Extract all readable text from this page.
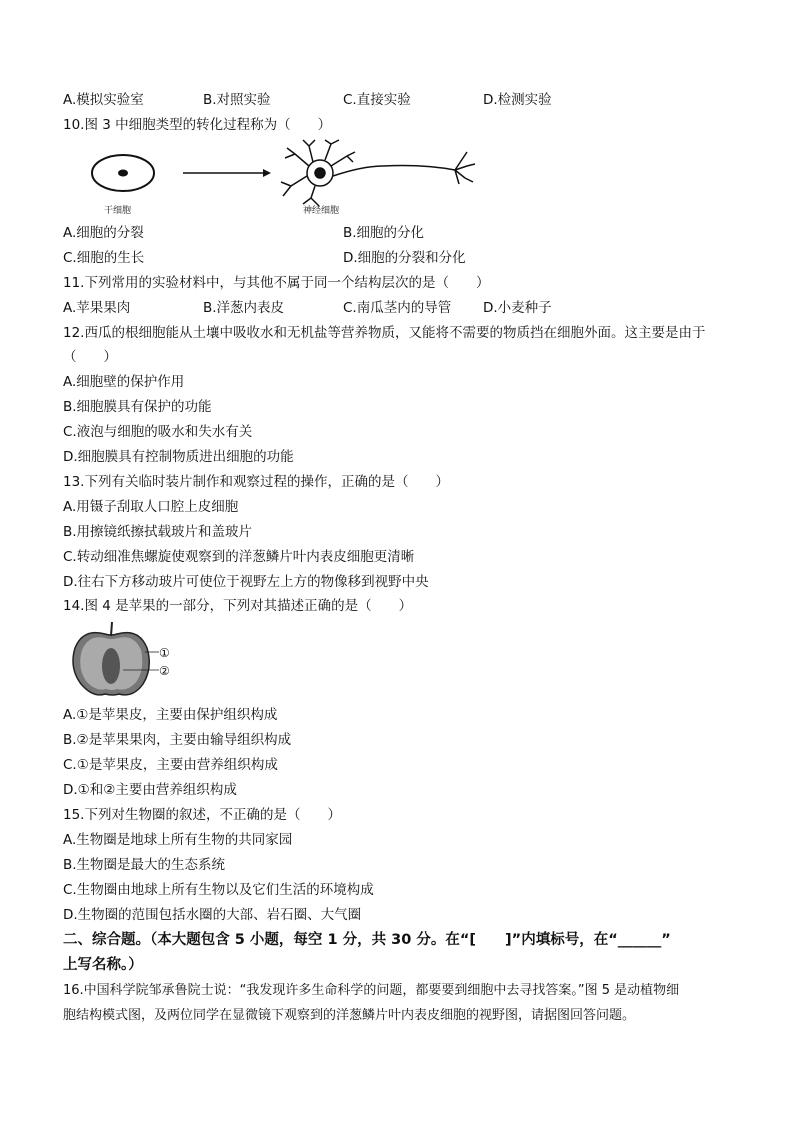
A.模拟实验室	B.对照实验	C.直接实验	D.检测实验
10.图 3 中细胞类型的转化过程称为（　　）
干细胞	神经细胞
A.细胞的分裂	B.细胞的分化
C.细胞的生长	D.细胞的分裂和分化
11.下列常用的实验材料中，与其他不属于同一个结构层次的是（　　）
A.苹果果肉	B.洋葱内表皮	C.南瓜茎内的导管 D.小麦种子
12.西瓜的根细胞能从土壤中吸收水和无机盐等营养物质，又能将不需要的物质挡在细胞外面。这主要是由于
（　　）
A.细胞壁的保护作用
B.细胞膜具有保护的功能
C.液泡与细胞的吸水和失水有关
D.细胞膜具有控制物质进出细胞的功能
13.下列有关临时装片制作和观察过程的操作，正确的是（　　）
A.用镊子刮取人口腔上皮细胞
B.用擦镜纸擦拭载玻片和盖玻片
C.转动细准焦螺旋使观察到的洋葱鳞片叶内表皮细胞更清晰
D.往右下方移动玻片可使位于视野左上方的物像移到视野中央
14.图 4 是苹果的一部分，下列对其描述正确的是（　　）
①
②
A.①是苹果皮，主要由保护组织构成
B.②是苹果果肉，主要由输导组织构成
C.①是苹果皮，主要由营养组织构成
D.①和②主要由营养组织构成
15.下列对生物圈的叙述，不正确的是（　　）
A.生物圈是地球上所有生物的共同家园
B.生物圈是最大的生态系统
C.生物圈由地球上所有生物以及它们生活的环境构成
D.生物圈的范围包括水圈的大部、岩石圈、大气圈
二、综合题。（本大题包含 5 小题，每空 1 分，共 30 分。在“[　　]”内填标号，在“______”
上写名称。）
16.中国科学院邹承鲁院士说：“我发现许多生命科学的问题，都要要到细胞中去寻找答案。”图 5 是动植物细
胞结构模式图，及两位同学在显微镜下观察到的洋葱鳞片叶内表皮细胞的视野图，请据图回答问题。
